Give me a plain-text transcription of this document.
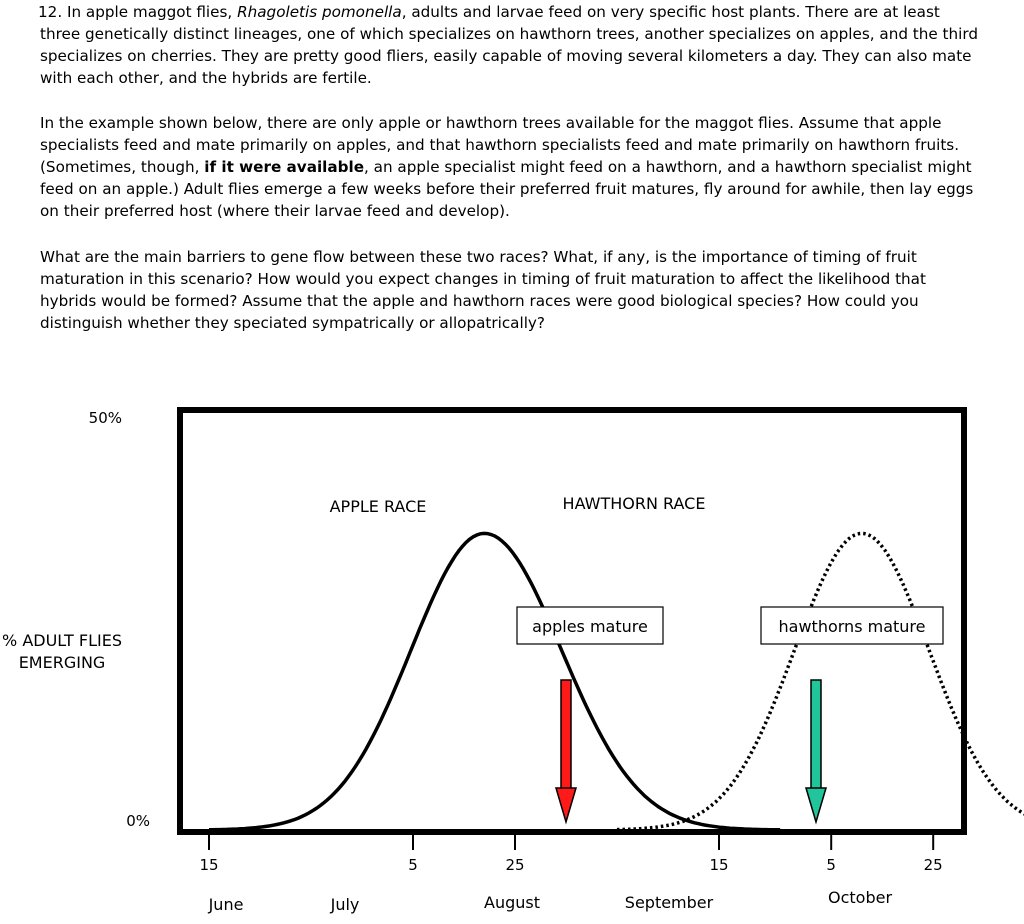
12. In apple maggot flies, Rhagoletis pomonella, adults and larvae feed on very specific host plants. There are at least three genetically distinct lineages, one of which specializes on hawthorn trees, another specializes on apples, and the third specializes on cherries. They are pretty good fliers, easily capable of moving several kilometers a day. They can also mate with each other, and the hybrids are fertile.

In the example shown below, there are only apple or hawthorn trees available for the maggot flies. Assume that apple specialists feed and mate primarily on apples, and that hawthorn specialists feed and mate primarily on hawthorn fruits. (Sometimes, though, if it were available, an apple specialist might feed on a hawthorn, and a hawthorn specialist might feed on an apple.) Adult flies emerge a few weeks before their preferred fruit matures, fly around for awhile, then lay eggs on their preferred host (where their larvae feed and develop).

What are the main barriers to gene flow between these two races? What, if any, is the importance of timing of fruit maturation in this scenario? How would you expect changes in timing of fruit maturation to affect the likelihood that hybrids would be formed? Assume that the apple and hawthorn races were good biological species? How could you distinguish whether they speciated sympatrically or allopatrically?

50%
0%
% ADULT FLIES
EMERGING
APPLE RACE	HAWTHORN RACE
apples mature	hawthorns mature
15	5	25	15	5	25
June	July	August	September	October
